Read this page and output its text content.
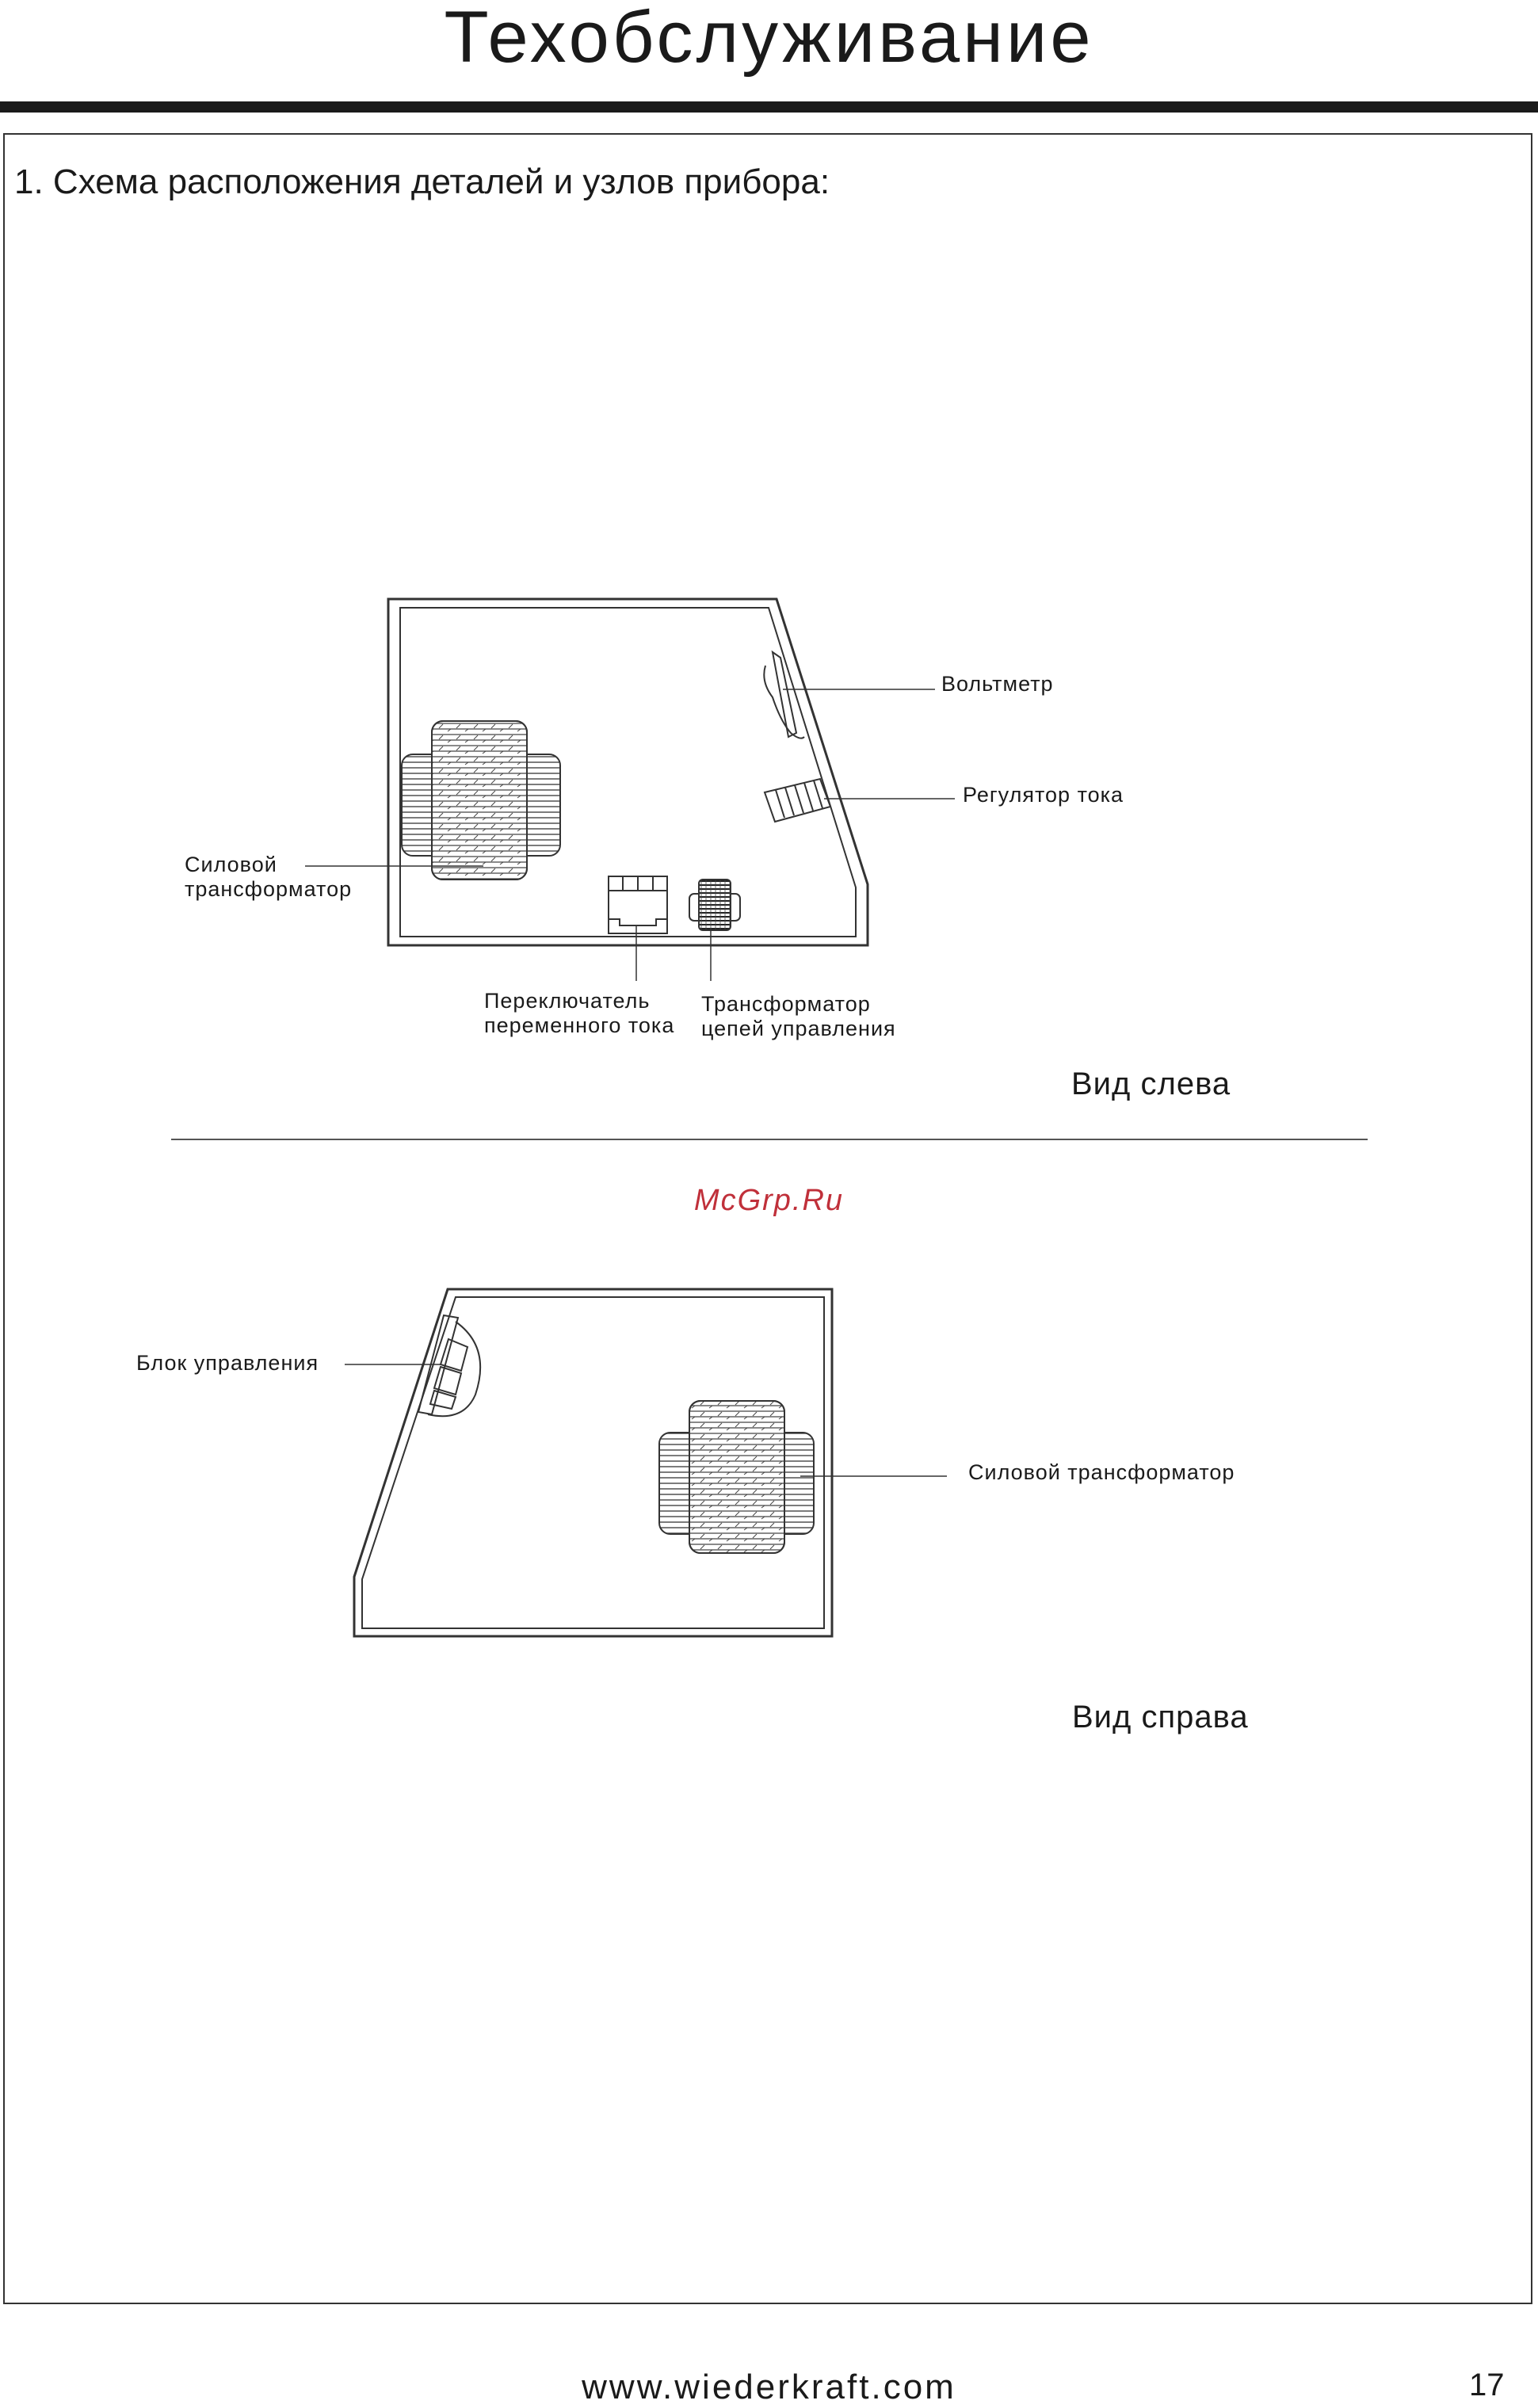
Техобслуживание
1. Схема расположения деталей и узлов прибора:
Вольтметр
Регулятор тока
Силовой
трансформатор
Переключатель
переменного тока
Трансформатор
цепей управления
Вид слева
McGrp.Ru
Блок управления
Силовой трансформатор
Вид справа
www.wiederkraft.com	17
